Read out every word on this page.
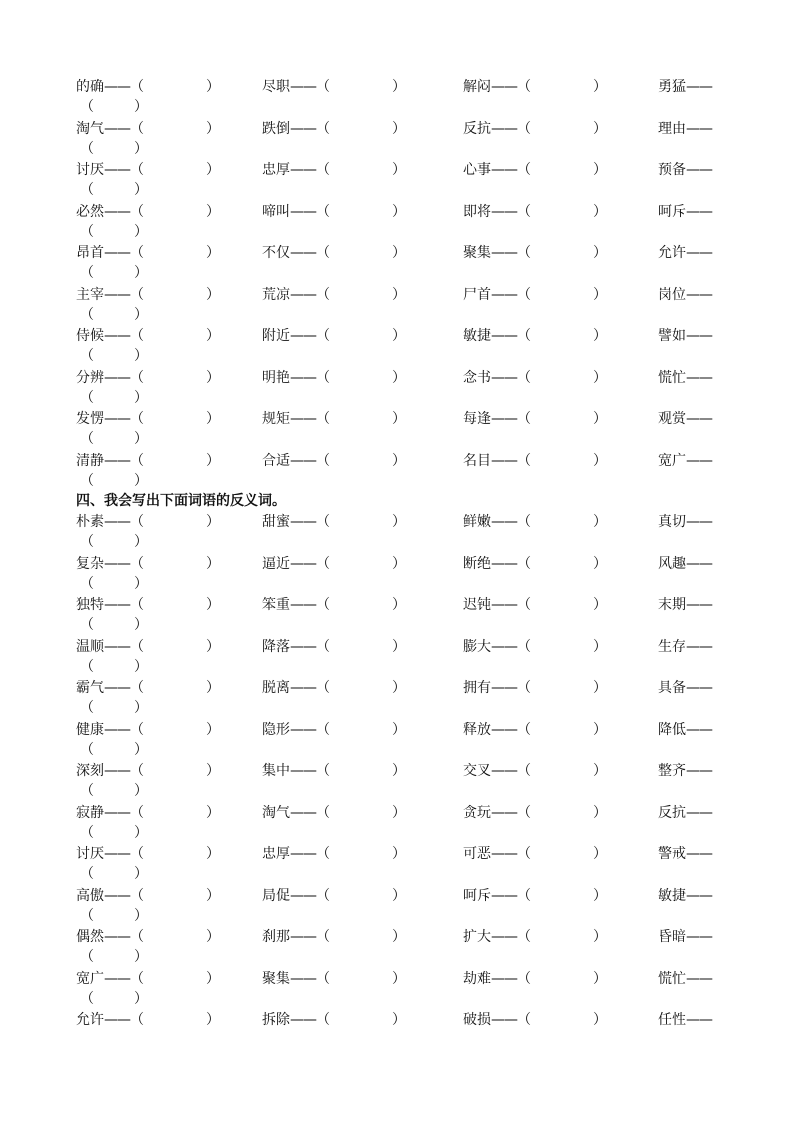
的确——（	）	尽职——（	）	解闷——（	）	勇猛——
（	）
淘气——（	）	跌倒——（	）	反抗——（	）	理由——
（	）
讨厌——（	）	忠厚——（	）	心事——（	）	预备——
（	）
必然——（	）	啼叫——（	）	即将——（	）	呵斥——
（	）
昂首——（	）	不仅——（	）	聚集——（	）	允许——
（	）
主宰——（	）	荒凉——（	）	尸首——（	）	岗位——
（	）
侍候——（	）	附近——（	）	敏捷——（	）	譬如——
（	）
分辨——（	）	明艳——（	）	念书——（	）	慌忙——
（	）
发愣——（	）	规矩——（	）	每逢——（	）	观赏——
（	）
清静——（	）	合适——（	）	名目——（	）	宽广——
（	）
四、我会写出下面词语的反义词。
朴素——（	）	甜蜜——（	）	鲜嫩——（	）	真切——
（	）
复杂——（	）	逼近——（	）	断绝——（	）	风趣——
（	）
独特——（	）	笨重——（	）	迟钝——（	）	末期——
（	）
温顺——（	）	降落——（	）	膨大——（	）	生存——
（	）
霸气——（	）	脱离——（	）	拥有——（	）	具备——
（	）
健康——（	）	隐形——（	）	释放——（	）	降低——
（	）
深刻——（	）	集中——（	）	交叉——（	）	整齐——
（	）
寂静——（	）	淘气——（	）	贪玩——（	）	反抗——
（	）
讨厌——（	）	忠厚——（	）	可恶——（	）	警戒——
（	）
高傲——（	）	局促——（	）	呵斥——（	）	敏捷——
（	）
偶然——（	）	刹那——（	）	扩大——（	）	昏暗——
（	）
宽广——（	）	聚集——（	）	劫难——（	）	慌忙——
（	）
允许——（	）	拆除——（	）	破损——（	）	任性——
